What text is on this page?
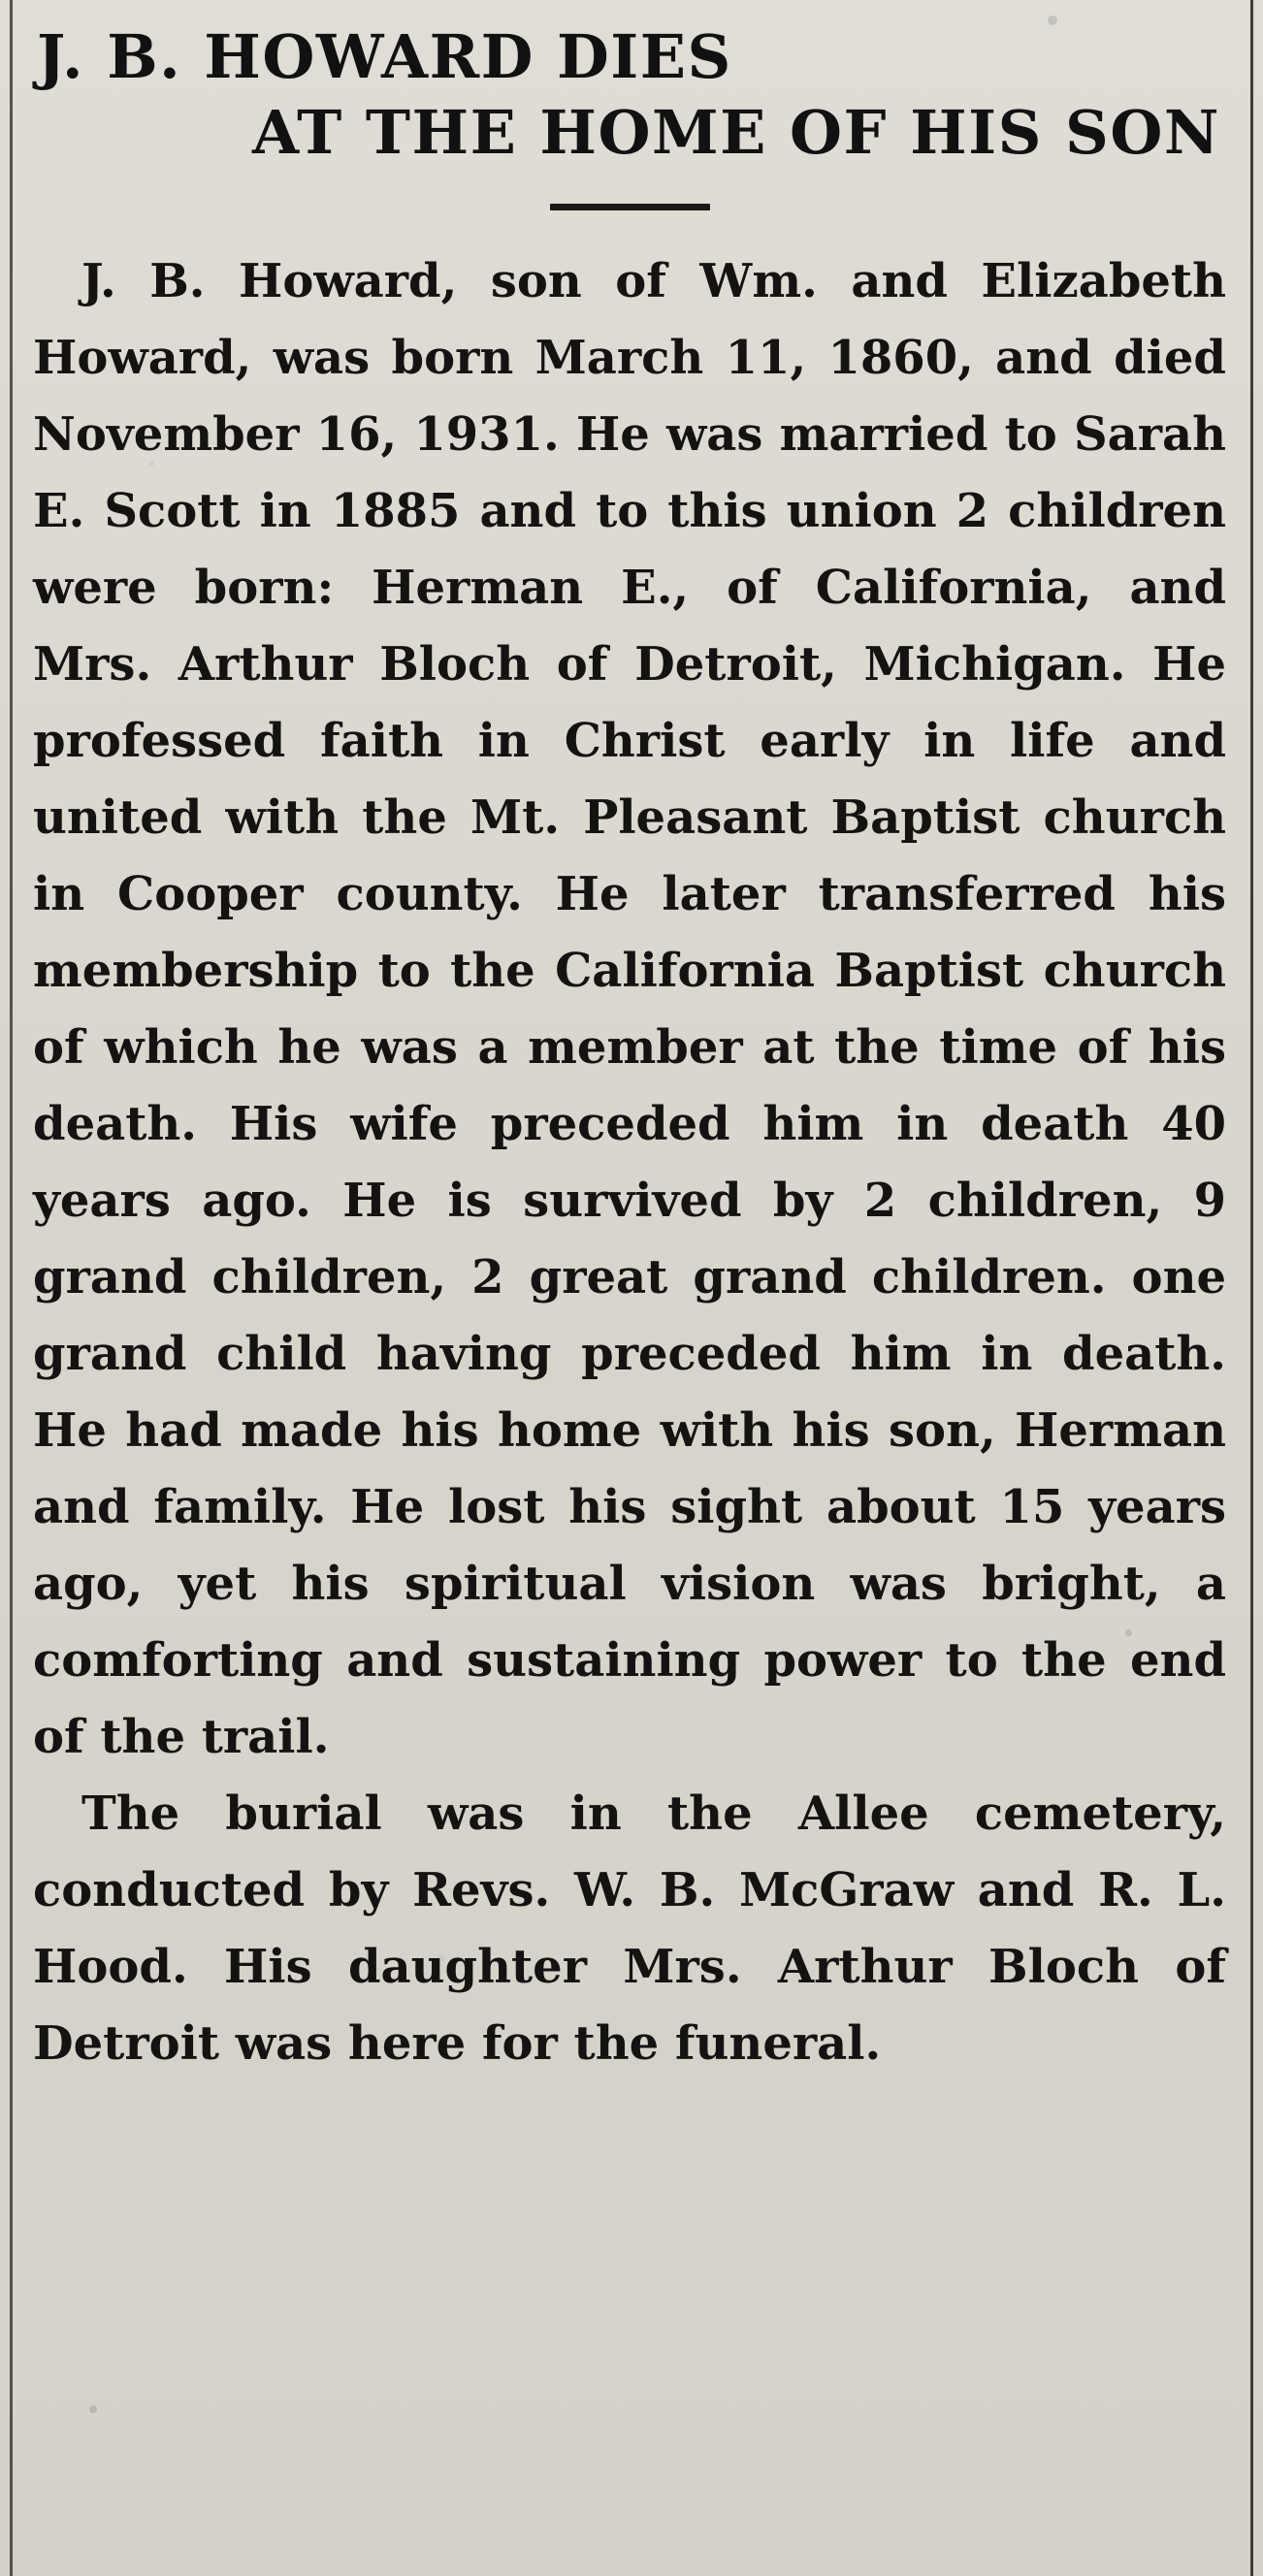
J. B. HOWARD DIES
AT THE HOME OF HIS SON

J. B. Howard, son of Wm. and Elizabeth Howard, was born March 11, 1860, and died November 16, 1931. He was married to Sarah E. Scott in 1885 and to this union 2 children were born: Herman E., of California, and Mrs. Arthur Bloch of Detroit, Michigan. He professed faith in Christ early in life and united with the Mt. Pleasant Baptist church in Cooper county. He later transferred his membership to the California Baptist church of which he was a member at the time of his death. His wife preceded him in death 40 years ago. He is survived by 2 children, 9 grand children, 2 great grand children. one grand child having preceded him in death. He had made his home with his son, Herman and family. He lost his sight about 15 years ago, yet his spiritual vision was bright, a comforting and sustaining power to the end of the trail.

The burial was in the Allee cemetery, conducted by Revs. W. B. McGraw and R. L. Hood. His daughter Mrs. Arthur Bloch of Detroit was here for the funeral.
